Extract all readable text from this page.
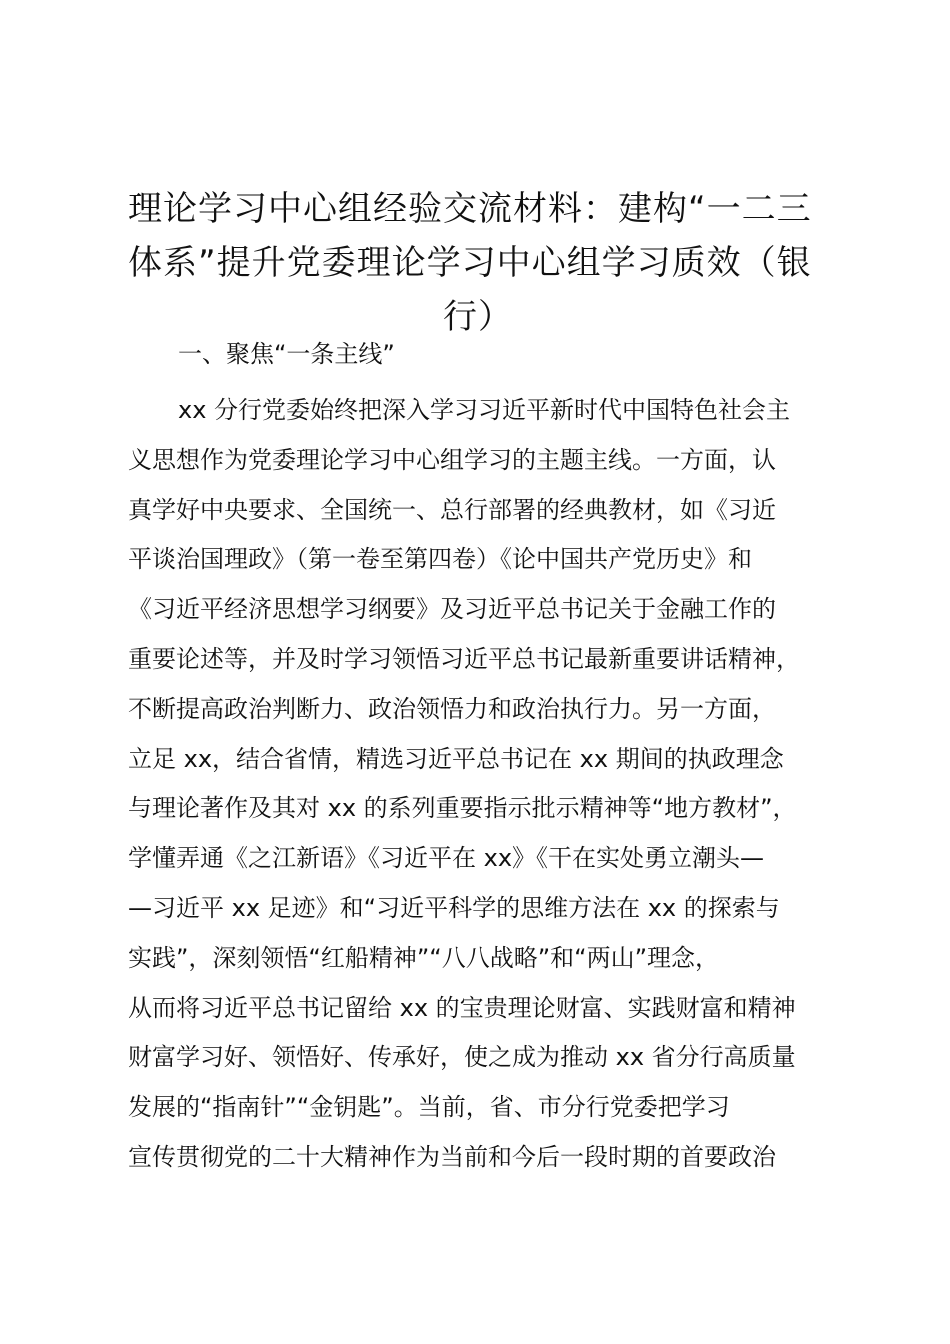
理论学习中心组经验交流材料：建构“一二三
体系”提升党委理论学习中心组学习质效（银
行）
一、聚焦“一条主线”
xx 分行党委始终把深入学习习近平新时代中国特色社会主
义思想作为党委理论学习中心组学习的主题主线。一方面，认
真学好中央要求、全国统一、总行部署的经典教材，如《习近
平谈治国理政》（第一卷至第四卷）《论中国共产党历史》和
《习近平经济思想学习纲要》及习近平总书记关于金融工作的
重要论述等，并及时学习领悟习近平总书记最新重要讲话精神，
不断提高政治判断力、政治领悟力和政治执行力。另一方面，
立足 xx，结合省情，精选习近平总书记在 xx 期间的执政理念
与理论著作及其对 xx 的系列重要指示批示精神等“地方教材”，
学懂弄通《之江新语》《习近平在 xx》《干在实处勇立潮头—
—习近平 xx 足迹》和“习近平科学的思维方法在 xx 的探索与
实践”，深刻领悟“红船精神”“八八战略”和“两山”理念，
从而将习近平总书记留给 xx 的宝贵理论财富、实践财富和精神
财富学习好、领悟好、传承好，使之成为推动 xx 省分行高质量
发展的“指南针”“金钥匙”。当前，省、市分行党委把学习
宣传贯彻党的二十大精神作为当前和今后一段时期的首要政治
